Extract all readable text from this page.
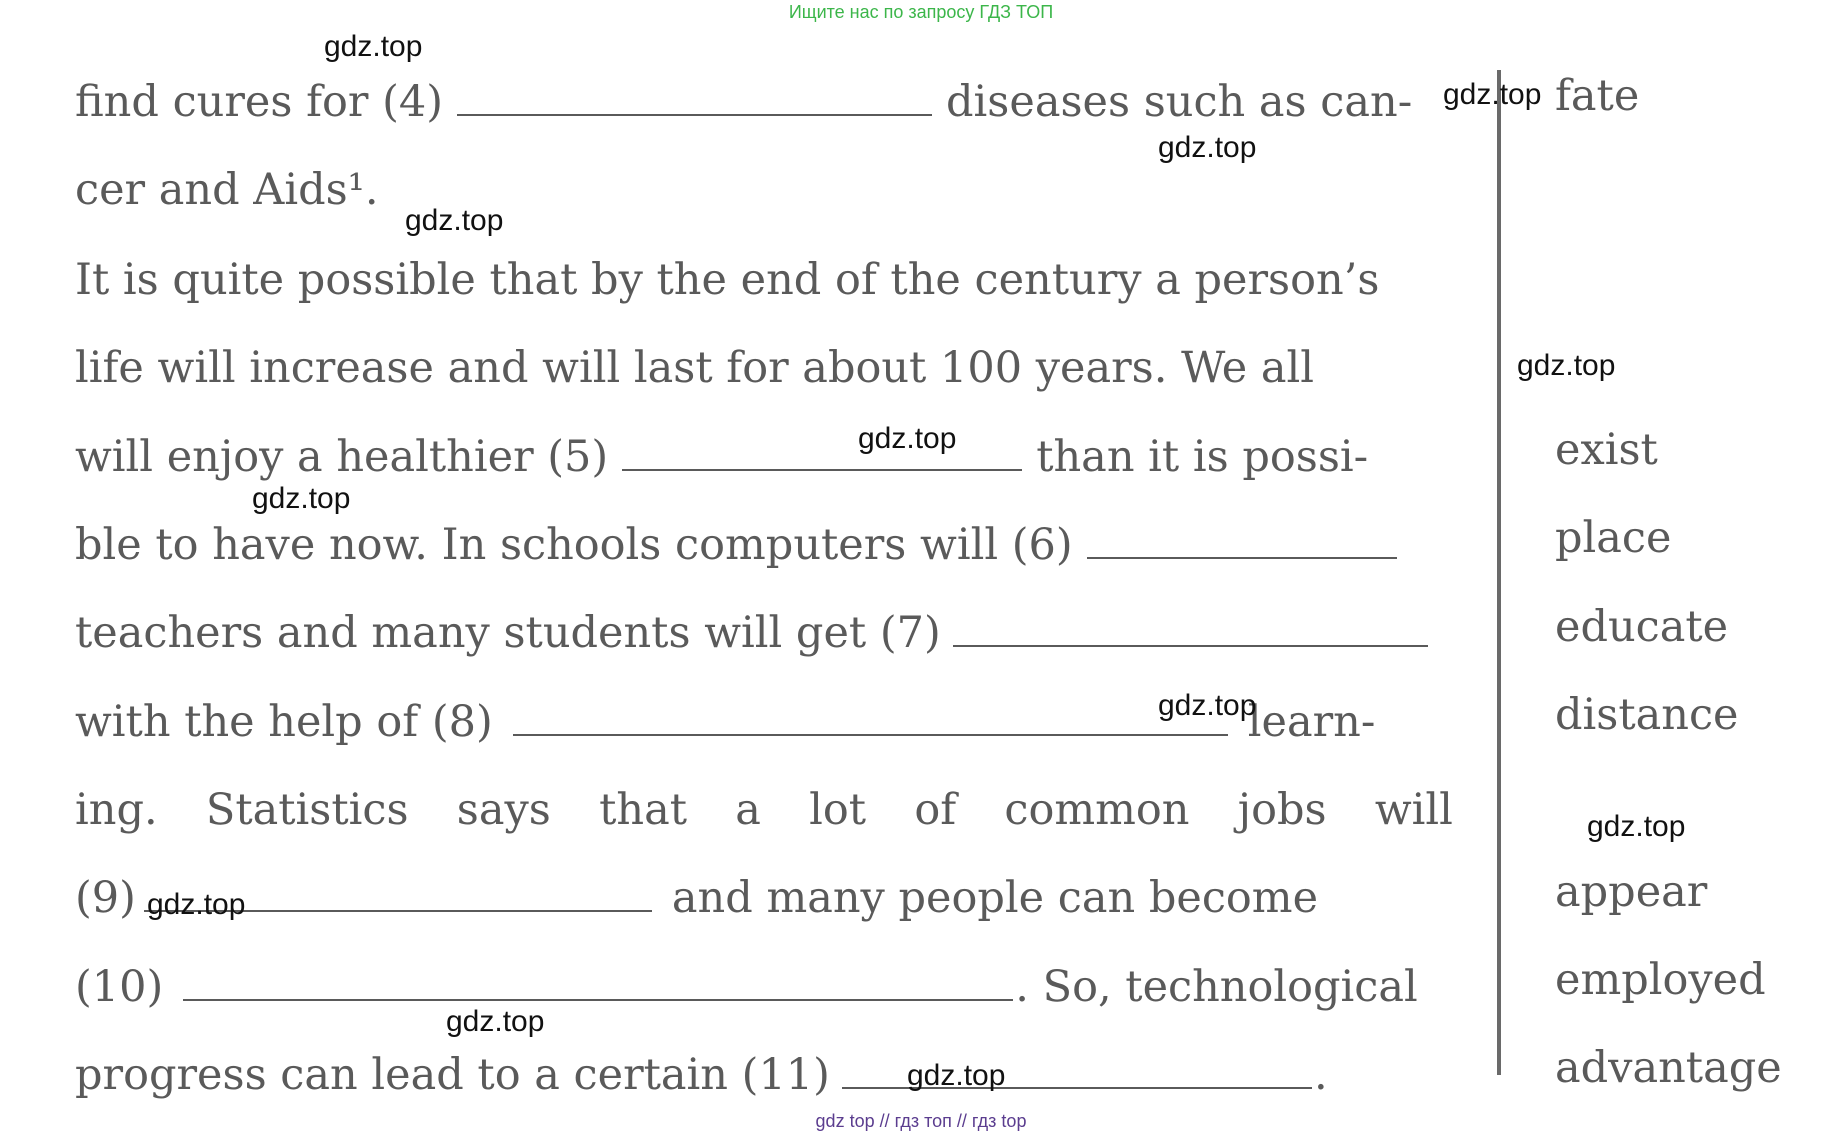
Ищите нас по запросу ГДЗ ТОП
find cures for (4)	diseases such as can-
cer and Aids¹.
It is quite possible that by the end of the century a person’s
life will increase and will last for about 100 years. We all
will enjoy a healthier (5)	than it is possi-
ble to have now. In schools computers will (6)
teachers and many students will get (7)
with the help of (8)	learn-
ing. Statistics says that a lot of common jobs will
(9)	and many people can become
(10)	. So, technological
progress can lead to a certain (11)	.
fate
exist
place
educate
distance
appear
employed
advantage
gdz.top
gdz.top
gdz.top
gdz.top
gdz.top
gdz.top
gdz.top
gdz.top
gdz.top
gdz.top
gdz.top
gdz.top
gdz top // гдз топ // гдз top
